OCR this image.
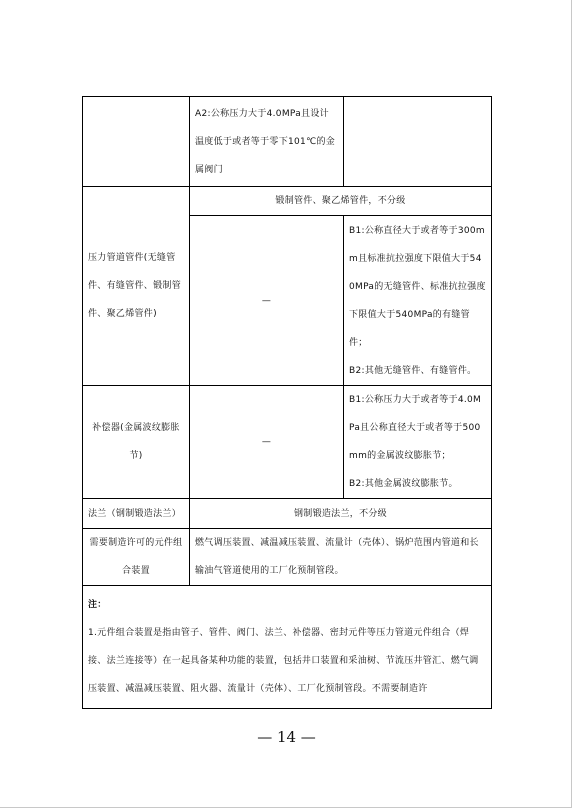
	A2:公称压力大于4.0MPa且设计温度低于或者等于零下101℃的金属阀门	
压力管道管件(无缝管件、有缝管件、锻制管件、聚乙烯管件)	锻制管件、聚乙烯管件，不分级	
	—	B1:公称直径大于或者等于300mm且标准抗拉强度下限值大于540MPa的无缝管件、标准抗拉强度下限值大于540MPa的有缝管件；
B2:其他无缝管件、有缝管件。

补偿器(金属波纹膨胀节)	—	B1:公称压力大于或者等于4.0MPa且公称直径大于或者等于500mm的金属波纹膨胀节；
B2:其他金属波纹膨胀节。

法兰（钢制锻造法兰）	钢制锻造法兰，不分级	
需要制造许可的元件组合装置	燃气调压装置、减温减压装置、流量计（壳体）、锅炉范围内管道和长输油气管道使用的工厂化预制管段。	

注：
1.元件组合装置是指由管子、管件、阀门、法兰、补偿器、密封元件等压力管道元件组合（焊接、法兰连接等）在一起具备某种功能的装置，包括井口装置和采油树、节流压井管汇、燃气调压装置、减温减压装置、阻火器、流量计（壳体）、工厂化预制管段。不需要制造许		
— 14 —
